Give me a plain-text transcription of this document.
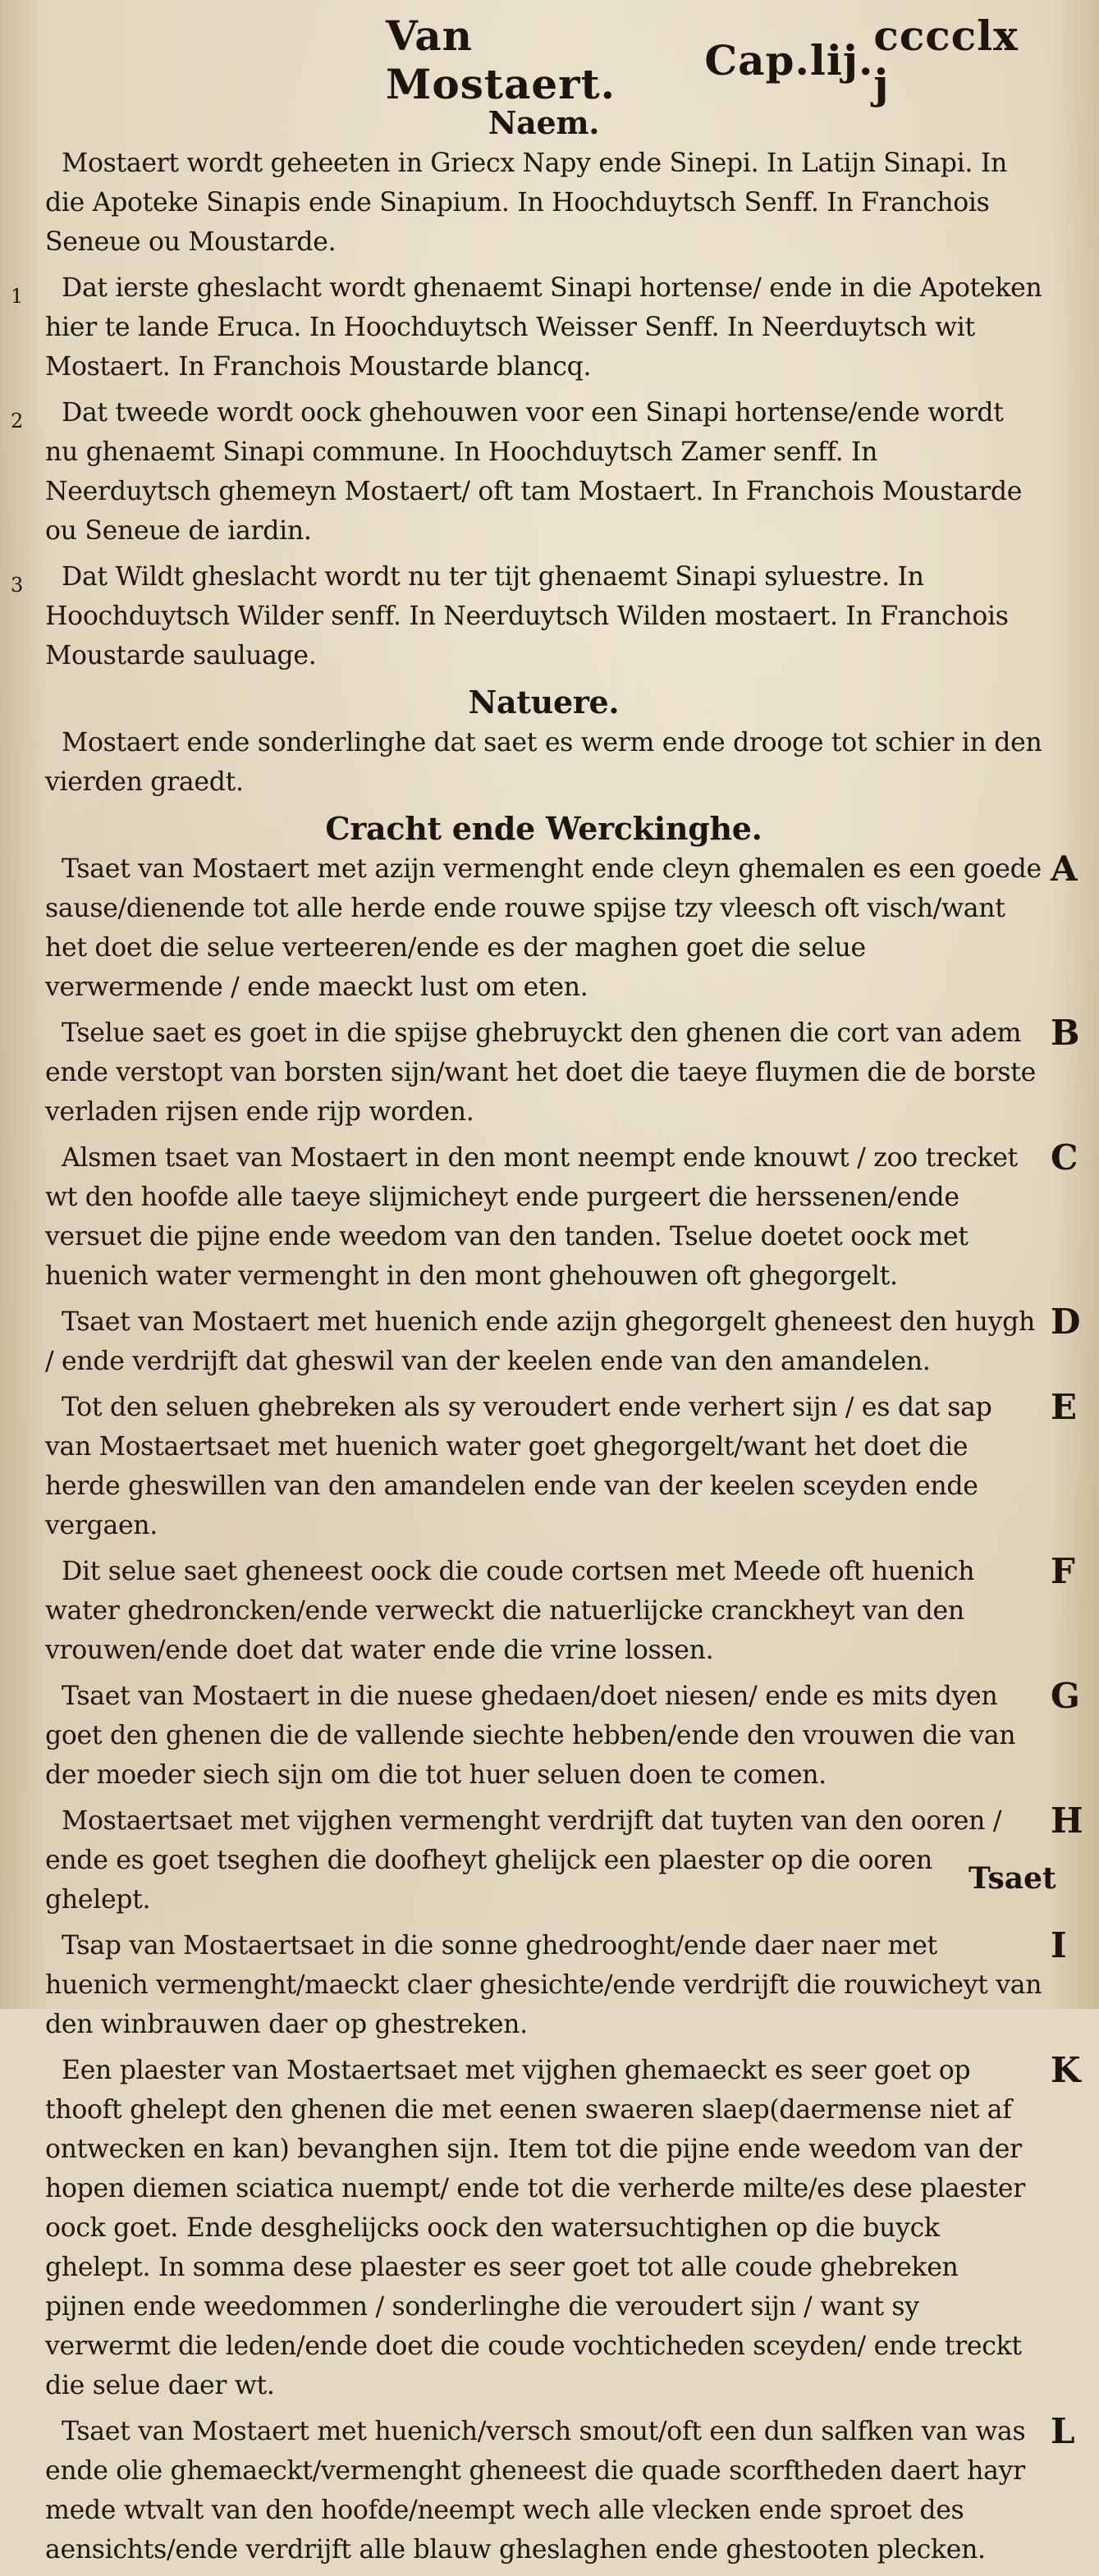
Van Mostaert.	Cap.lij. cccclx j

Naem.

Mostaert wordt geheeten in Griecx Napy ende Sinepi. In Latijn Sinapi. In die Apoteke Sinapis ende Sinapium. In Hoochduytsch Senff. In Franchois Seneue ou Moustarde.

1	Dat ierste gheslacht wordt ghenaemt Sinapi hortense/ ende in die Apoteken hier te lande Eruca. In Hoochduytsch Weisser Senff. In Neerduytsch wit Mostaert. In Franchois Moustarde blancq.

2	Dat tweede wordt oock ghehouwen voor een Sinapi hortense/ende wordt nu ghenaemt Sinapi commune. In Hoochduytsch Zamer senff. In Neerduytsch ghemeyn Mostaert/ oft tam Mostaert. In Franchois Moustarde ou Seneue de iardin.

3	Dat Wildt gheslacht wordt nu ter tijt ghenaemt Sinapi syluestre. In Hoochduytsch Wilder senff. In Neerduytsch Wilden mostaert. In Franchois Moustarde sauluage.

Natuere.

Mostaert ende sonderlinghe dat saet es werm ende drooge tot schier in den vierden graedt.

Cracht ende Werckinghe.

Tsaet van Mostaert met azijn vermenght ende cleyn ghemalen es een goede sause/dienende tot alle herde ende rouwe spijse tzy vleesch oft visch/want het doet die selue verteeren/ende es der maghen goet die selue verwermende / ende maeckt lust om eten.

A

Tselue saet es goet in die spijse ghebruyckt den ghenen die cort van adem ende verstopt van borsten sijn/want het doet die taeye fluymen die de borste verladen rijsen ende rijp worden.

B

Alsmen tsaet van Mostaert in den mont neempt ende knouwt / zoo trecket wt den hoofde alle taeye slijmicheyt ende purgeert die herssenen/ende versuet die pijne ende weedom van den tanden. Tselue doetet oock met huenich water vermenght in den mont ghehouwen oft ghegorgelt.

C

Tsaet van Mostaert met huenich ende azijn ghegorgelt gheneest den huygh / ende verdrijft dat gheswil van der keelen ende van den amandelen.

D

Tot den seluen ghebreken als sy veroudert ende verhert sijn / es dat sap van Mostaertsaet met huenich water goet ghegorgelt/want het doet die herde gheswillen van den amandelen ende van der keelen sceyden ende vergaen.

E

Dit selue saet gheneest oock die coude cortsen met Meede oft huenich water ghedroncken/ende verweckt die natuerlijcke cranckheyt van den vrouwen/ende doet dat water ende die vrine lossen.

F

Tsaet van Mostaert in die nuese ghedaen/doet niesen/ ende es mits dyen goet den ghenen die de vallende siechte hebben/ende den vrouwen die van der moeder siech sijn om die tot huer seluen doen te comen.

G

Mostaertsaet met vijghen vermenght verdrijft dat tuyten van den ooren / ende es goet tseghen die doofheyt ghelijck een plaester op die ooren ghelept.

H

Tsap van Mostaertsaet in die sonne ghedrooght/ende daer naer met huenich vermenght/maeckt claer ghesichte/ende verdrijft die rouwicheyt van den winbrauwen daer op ghestreken.

I

Een plaester van Mostaertsaet met vijghen ghemaeckt es seer goet op thooft ghelept den ghenen die met eenen swaeren slaep(daermense niet af ontwecken en kan) bevanghen sijn. Item tot die pijne ende weedom van der hopen diemen sciatica nuempt/ ende tot die verherde milte/es dese plaester oock goet. Ende desghelijcks oock den watersuchtighen op die buyck ghelept. In somma dese plaester es seer goet tot alle coude ghebreken pijnen ende weedommen / sonderlinghe die veroudert sijn / want sy verwermt die leden/ende doet die coude vochticheden sceyden/ ende treckt die selue daer wt.

K

Tsaet van Mostaert met huenich/versch smout/oft een dun salfken van was ende olie ghemaeckt/vermenght gheneest die quade scorftheden daert hayr mede wtvalt van den hoofde/neempt wech alle vlecken ende sproet des aensichts/ende verdrijft alle blauw gheslaghen ende ghestooten plecken.

L
Tsaet
